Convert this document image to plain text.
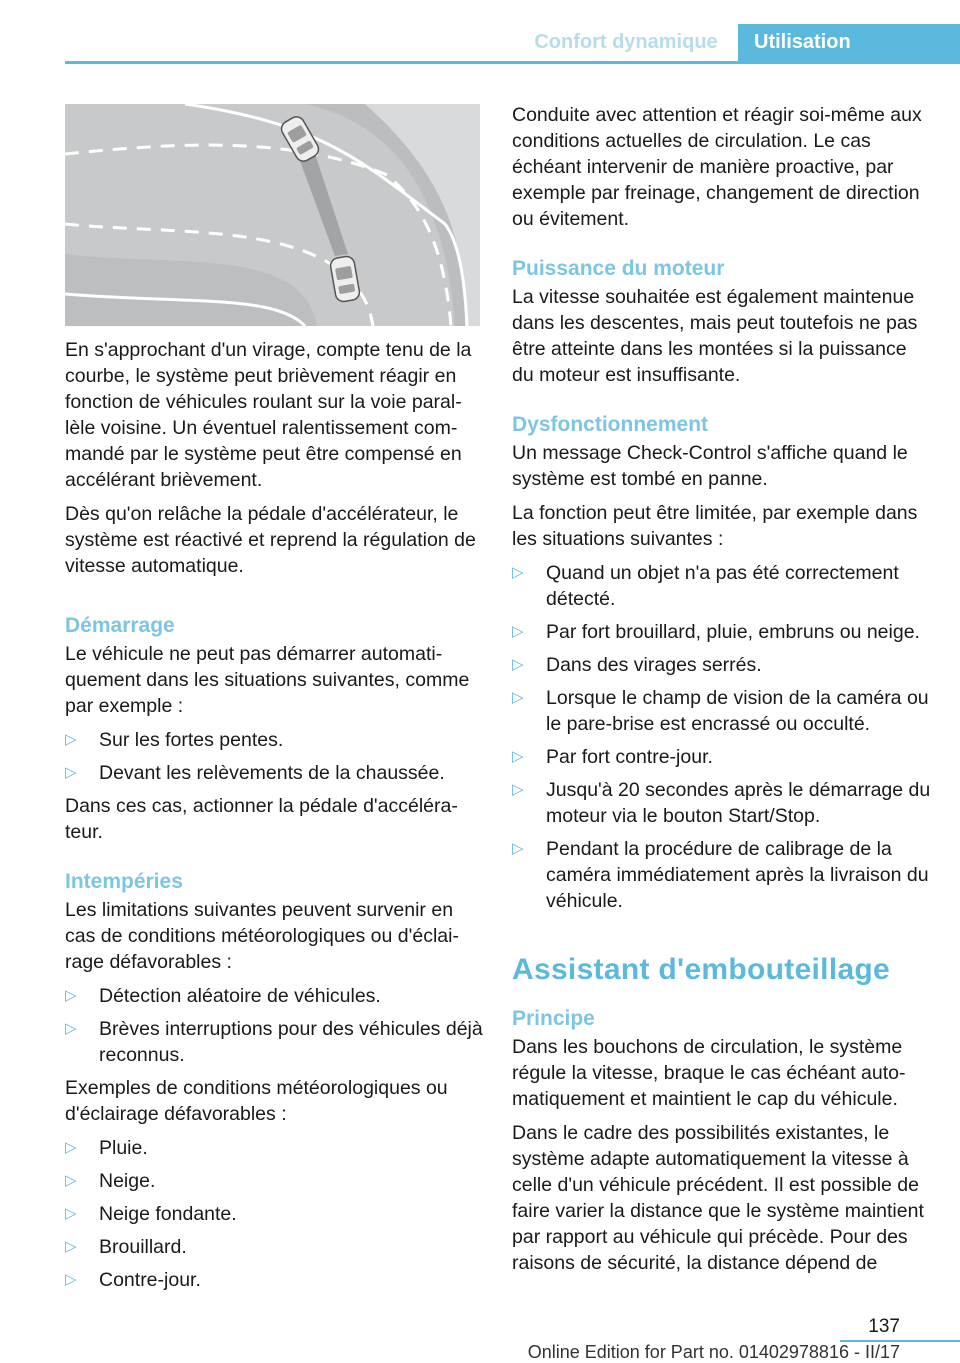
Confort dynamique	Utilisation

En s'approchant d'un virage, compte tenu de la courbe, le système peut brièvement réagir en fonction de véhicules roulant sur la voie parallèle voisine. Un éventuel ralentissement commandé par le système peut être compensé en accélérant brièvement.

Dès qu'on relâche la pédale d'accélérateur, le système est réactivé et reprend la régulation de vitesse automatique.

Démarrage

Le véhicule ne peut pas démarrer automatiquement dans les situations suivantes, comme par exemple :

▷ Sur les fortes pentes.
▷ Devant les relèvements de la chaussée.

Dans ces cas, actionner la pédale d'accélérateur.

Intempéries

Les limitations suivantes peuvent survenir en cas de conditions météorologiques ou d'éclairage défavorables :

▷ Détection aléatoire de véhicules.
▷ Brèves interruptions pour des véhicules déjà reconnus.

Exemples de conditions météorologiques ou d'éclairage défavorables :

▷ Pluie.
▷ Neige.
▷ Neige fondante.
▷ Brouillard.
▷ Contre-jour.

Conduite avec attention et réagir soi-même aux conditions actuelles de circulation. Le cas échéant intervenir de manière proactive, par exemple par freinage, changement de direction ou évitement.

Puissance du moteur

La vitesse souhaitée est également maintenue dans les descentes, mais peut toutefois ne pas être atteinte dans les montées si la puissance du moteur est insuffisante.

Dysfonctionnement

Un message Check-Control s'affiche quand le système est tombé en panne.

La fonction peut être limitée, par exemple dans les situations suivantes :

▷ Quand un objet n'a pas été correctement détecté.
▷ Par fort brouillard, pluie, embruns ou neige.
▷ Dans des virages serrés.
▷ Lorsque le champ de vision de la caméra ou le pare-brise est encrassé ou occulté.
▷ Par fort contre-jour.
▷ Jusqu'à 20 secondes après le démarrage du moteur via le bouton Start/Stop.
▷ Pendant la procédure de calibrage de la caméra immédiatement après la livraison du véhicule.
Assistant d'embouteillage
Principe

Dans les bouchons de circulation, le système régule la vitesse, braque le cas échéant automatiquement et maintient le cap du véhicule.

Dans le cadre des possibilités existantes, le système adapte automatiquement la vitesse à celle d'un véhicule précédent. Il est possible de faire varier la distance que le système maintient par rapport au véhicule qui précède. Pour des raisons de sécurité, la distance dépend de

137
Online Edition for Part no. 01402978816 - II/17
